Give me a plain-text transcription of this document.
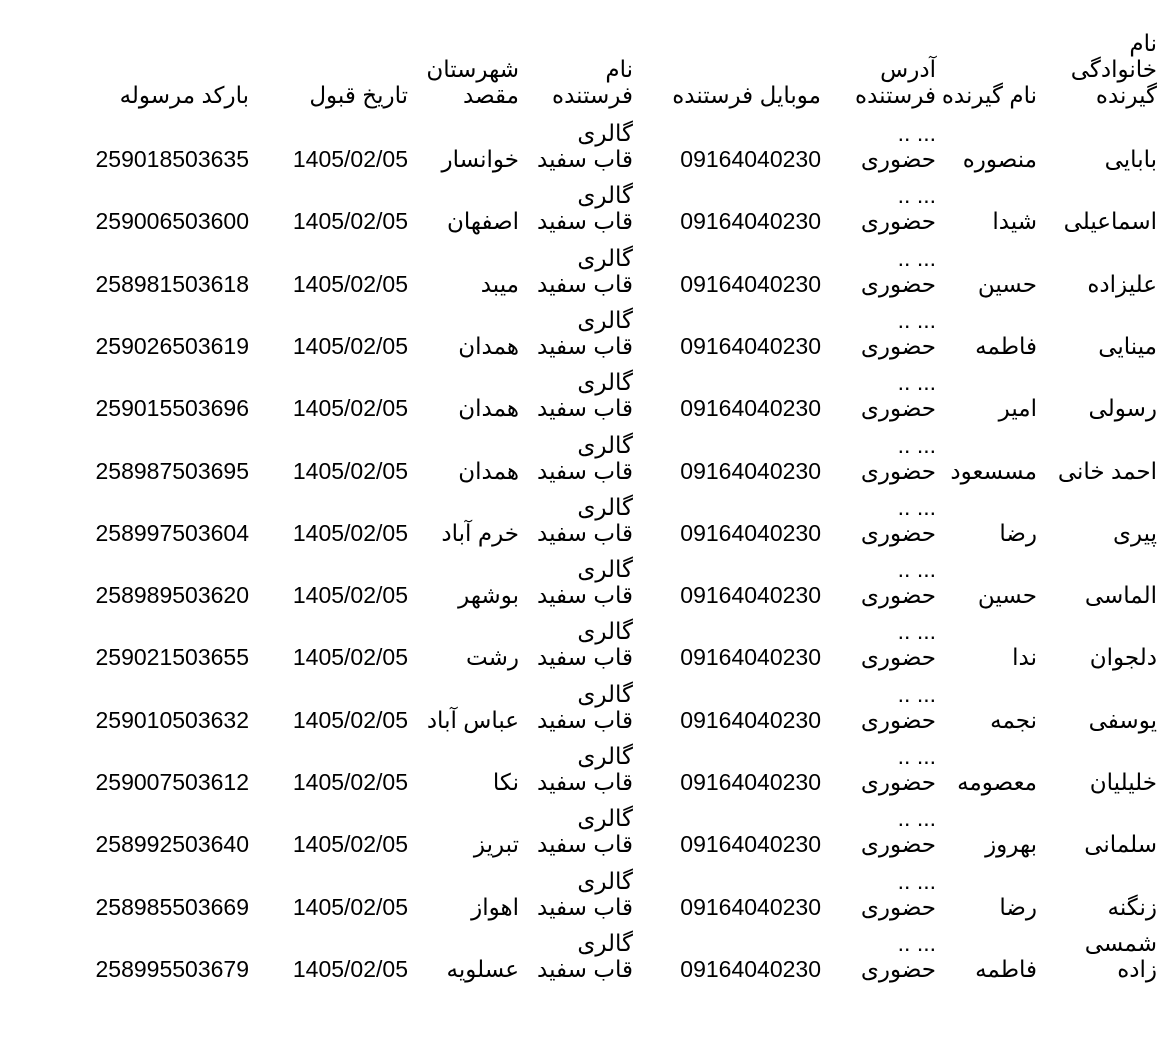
نام
خانوادگی
گیرنده
نام گیرنده
آدرس
فرستنده
موبایل فرستنده
نام
فرستنده
شهرستان
مقصد
تاریخ قبول
بارکد مرسوله
بابایی
منصوره
... ..
حضوری
09164040230
گالری
قاب سفید
خوانسار
1405/02/05
259018503635
اسماعیلی
شیدا
... ..
حضوری
09164040230
گالری
قاب سفید
اصفهان
1405/02/05
259006503600
علیزاده
حسین
... ..
حضوری
09164040230
گالری
قاب سفید
میبد
1405/02/05
258981503618
مینایی
فاطمه
... ..
حضوری
09164040230
گالری
قاب سفید
همدان
1405/02/05
259026503619
رسولی
امیر
... ..
حضوری
09164040230
گالری
قاب سفید
همدان
1405/02/05
259015503696
احمد خانی
مسسعود
... ..
حضوری
09164040230
گالری
قاب سفید
همدان
1405/02/05
258987503695
پیری
رضا
... ..
حضوری
09164040230
گالری
قاب سفید
خرم آباد
1405/02/05
258997503604
الماسی
حسین
... ..
حضوری
09164040230
گالری
قاب سفید
بوشهر
1405/02/05
258989503620
دلجوان
ندا
... ..
حضوری
09164040230
گالری
قاب سفید
رشت
1405/02/05
259021503655
یوسفی
نجمه
... ..
حضوری
09164040230
گالری
قاب سفید
عباس آباد
1405/02/05
259010503632
خلیلیان
معصومه
... ..
حضوری
09164040230
گالری
قاب سفید
نکا
1405/02/05
259007503612
سلمانی
بهروز
... ..
حضوری
09164040230
گالری
قاب سفید
تبریز
1405/02/05
258992503640
زنگنه
رضا
... ..
حضوری
09164040230
گالری
قاب سفید
اهواز
1405/02/05
258985503669
شمسی
زاده
فاطمه
... ..
حضوری
09164040230
گالری
قاب سفید
عسلویه
1405/02/05
258995503679
